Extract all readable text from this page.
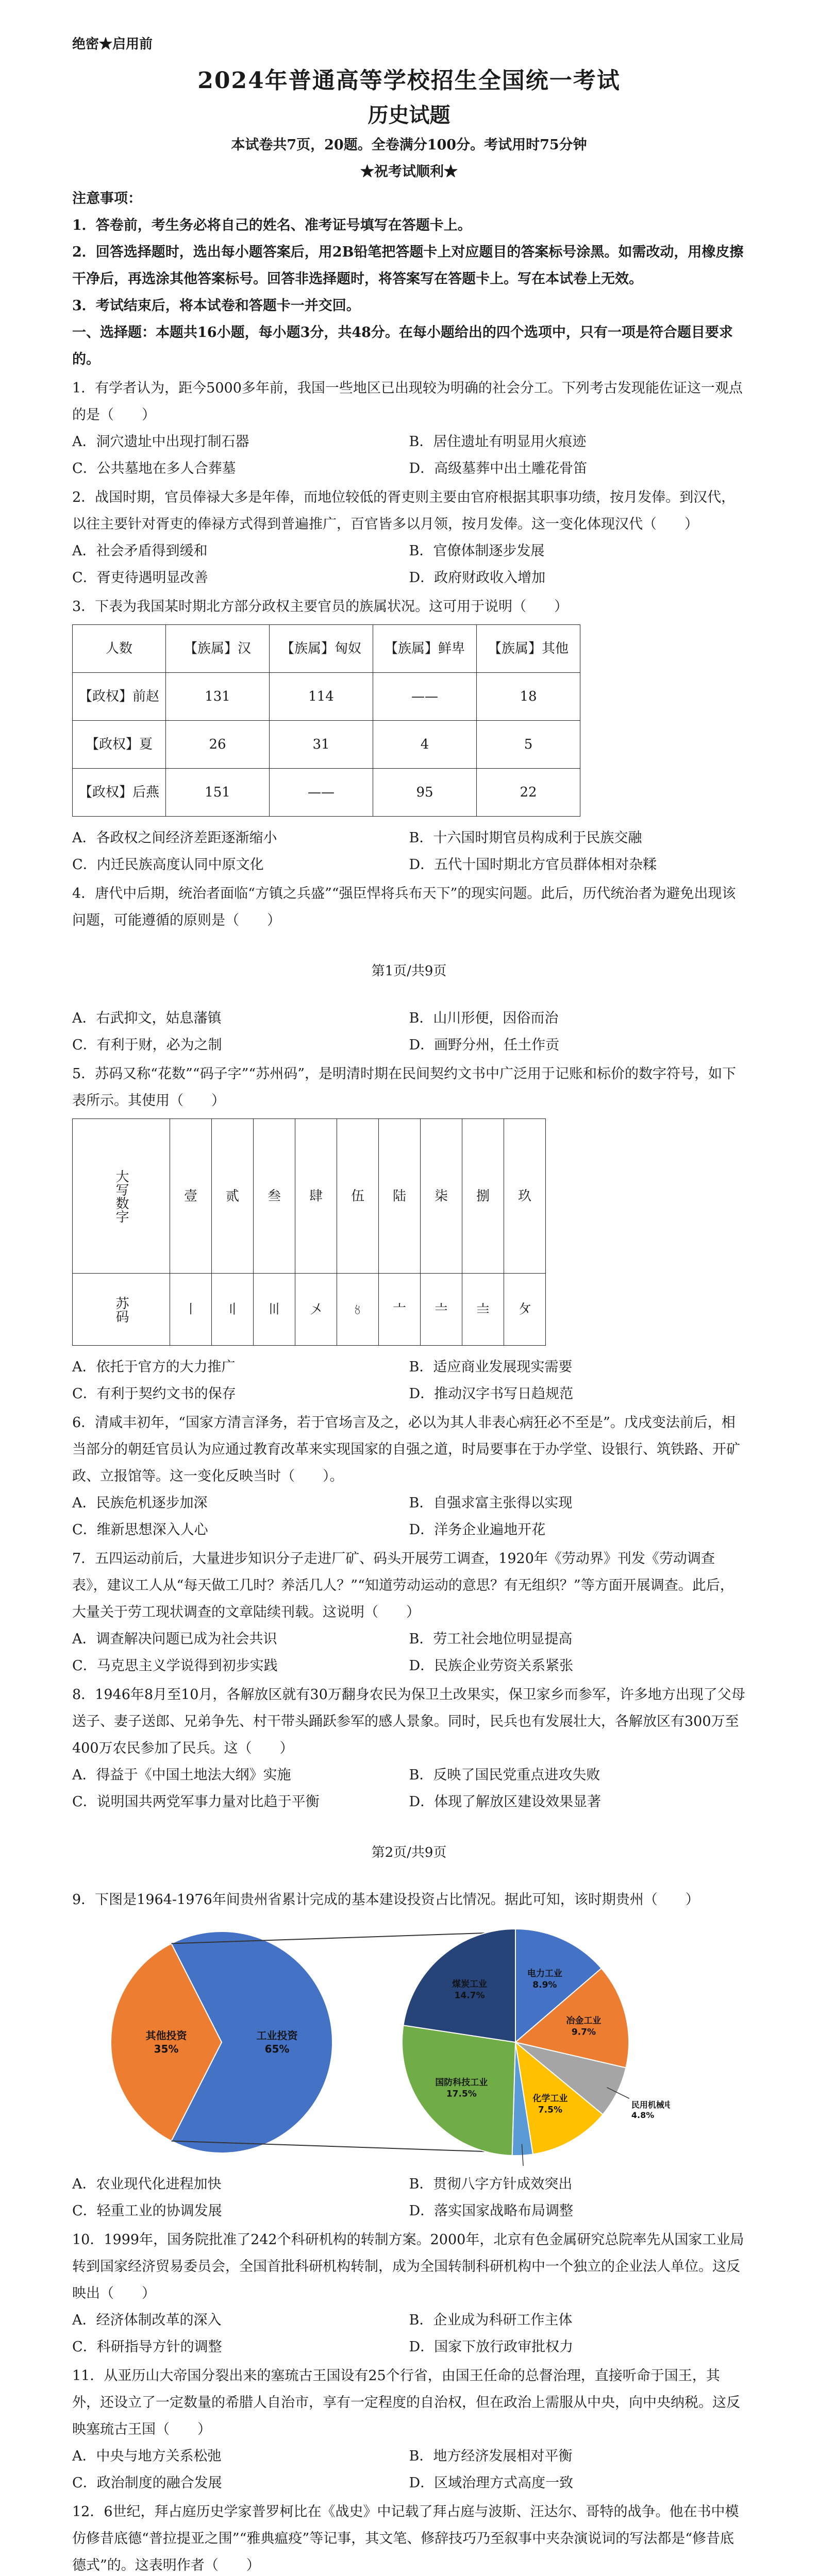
绝密★启用前
2024年普通高等学校招生全国统一考试
历史试题
本试卷共7页，20题。全卷满分100分。考试用时75分钟
★祝考试顺利★

注意事项：

1．答卷前，考生务必将自己的姓名、准考证号填写在答题卡上。

2．回答选择题时，选出每小题答案后，用2B铅笔把答题卡上对应题目的答案标号涂黑。如需改动，用橡皮擦干净后，再选涂其他答案标号。回答非选择题时，将答案写在答题卡上。写在本试卷上无效。

3．考试结束后，将本试卷和答题卡一并交回。

一、选择题：本题共16小题，每小题3分，共48分。在每小题给出的四个选项中，只有一项是符合题目要求的。

1．有学者认为，距今5000多年前，我国一些地区已出现较为明确的社会分工。下列考古发现能佐证这一观点的是（　　）

A．洞穴遗址中出现打制石器	B．居住遗址有明显用火痕迹
C．公共墓地在多人合葬墓	D．高级墓葬中出土雕花骨笛

2．战国时期，官员俸禄大多是年俸，而地位较低的胥吏则主要由官府根据其职事功绩，按月发俸。到汉代，以往主要针对胥吏的俸禄方式得到普遍推广，百官皆多以月领，按月发俸。这一变化体现汉代（　　）

A．社会矛盾得到缓和	B．官僚体制逐步发展
C．胥吏待遇明显改善	D．政府财政收入增加

3．下表为我国某时期北方部分政权主要官员的族属状况。这可用于说明（　　）

人数	【族属】汉	【族属】匈奴	【族属】鲜卑	【族属】其他
【政权】前赵	131	114	——	18
【政权】夏	26	31	4	5
【政权】后燕	151	——	95	22
A．各政权之间经济差距逐渐缩小	B．十六国时期官员构成利于民族交融
C．内迁民族高度认同中原文化	D．五代十国时期北方官员群体相对杂糅

4．唐代中后期，统治者面临“方镇之兵盛”“强臣悍将兵布天下”的现实问题。此后，历代统治者为避免出现该问题，可能遵循的原则是（　　）

第1页/共9页
A．右武抑文，姑息藩镇	B．山川形便，因俗而治
C．有利于财，必为之制	D．画野分州，任土作贡

5．苏码又称“花数”“码子字”“苏州码”，是明清时期在民间契约文书中广泛用于记账和标价的数字符号，如下表所示。其使用（　　）

大写数字	壹	贰	叁	肆	伍	陆	柒	捌	玖
苏码	〡	〢	〣	〤	〥	〦	〧	〨	〩
A．依托于官方的大力推广	B．适应商业发展现实需要
C．有利于契约文书的保存	D．推动汉字书写日趋规范

6．清咸丰初年，“国家方清言泽务，若于官场言及之，必以为其人非表心病狂必不至是”。戊戌变法前后，相当部分的朝廷官员认为应通过教育改革来实现国家的自强之道，时局要事在于办学堂、设银行、筑铁路、开矿政、立报馆等。这一变化反映当时（　　）。

A．民族危机逐步加深	B．自强求富主张得以实现
C．维新思想深入人心	D．洋务企业遍地开花

7．五四运动前后，大量进步知识分子走进厂矿、码头开展劳工调查，1920年《劳动界》刊发《劳动调查表》，建议工人从“每天做工几时？养活几人？”“知道劳动运动的意思？有无组织？”等方面开展调查。此后，大量关于劳工现状调查的文章陆续刊载。这说明（　　）

A．调查解决问题已成为社会共识	B．劳工社会地位明显提高
C．马克思主义学说得到初步实践	D．民族企业劳资关系紧张

8．1946年8月至10月，各解放区就有30万翻身农民为保卫土改果实，保卫家乡而参军，许多地方出现了父母送子、妻子送郎、兄弟争先、村干带头踊跃参军的感人景象。同时，民兵也有发展壮大，各解放区有300万至400万农民参加了民兵。这（　　）

A．得益于《中国土地法大纲》实施	B．反映了国民党重点进攻失败
C．说明国共两党军事力量对比趋于平衡	D．体现了解放区建设效果显著
第2页/共9页

9．下图是1964-1976年间贵州省累计完成的基本建设投资占比情况。据此可知，该时期贵州（　　）

工业投资
65%
其他投资
35%
电力工业
8.9%
冶金工业
9.7%
民用机械电
4.8%
化学工业
7.5%
国防科技工业
17.5%
煤炭工业
14.7%
A．农业现代化进程加快	B．贯彻八字方针成效突出
C．轻重工业的协调发展	D．落实国家战略布局调整

10．1999年，国务院批准了242个科研机构的转制方案。2000年，北京有色金属研究总院率先从国家工业局转到国家经济贸易委员会，全国首批科研机构转制，成为全国转制科研机构中一个独立的企业法人单位。这反映出（　　）

A．经济体制改革的深入	B．企业成为科研工作主体
C．科研指导方针的调整	D．国家下放行政审批权力

11．从亚历山大帝国分裂出来的塞琉古王国设有25个行省，由国王任命的总督治理，直接听命于国王，其外，还设立了一定数量的希腊人自治市，享有一定程度的自治权，但在政治上需服从中央，向中央纳税。这反映塞琉古王国（　　）

A．中央与地方关系松弛	B．地方经济发展相对平衡
C．政治制度的融合发展	D．区域治理方式高度一致

12．6世纪，拜占庭历史学家普罗柯比在《战史》中记载了拜占庭与波斯、汪达尔、哥特的战争。他在书中模仿修昔底德“普拉提亚之围”“雅典瘟疫”等记事，其文笔、修辞技巧乃至叙事中夹杂演说词的写法都是“修昔底德式”的。这表明作者（　　）
